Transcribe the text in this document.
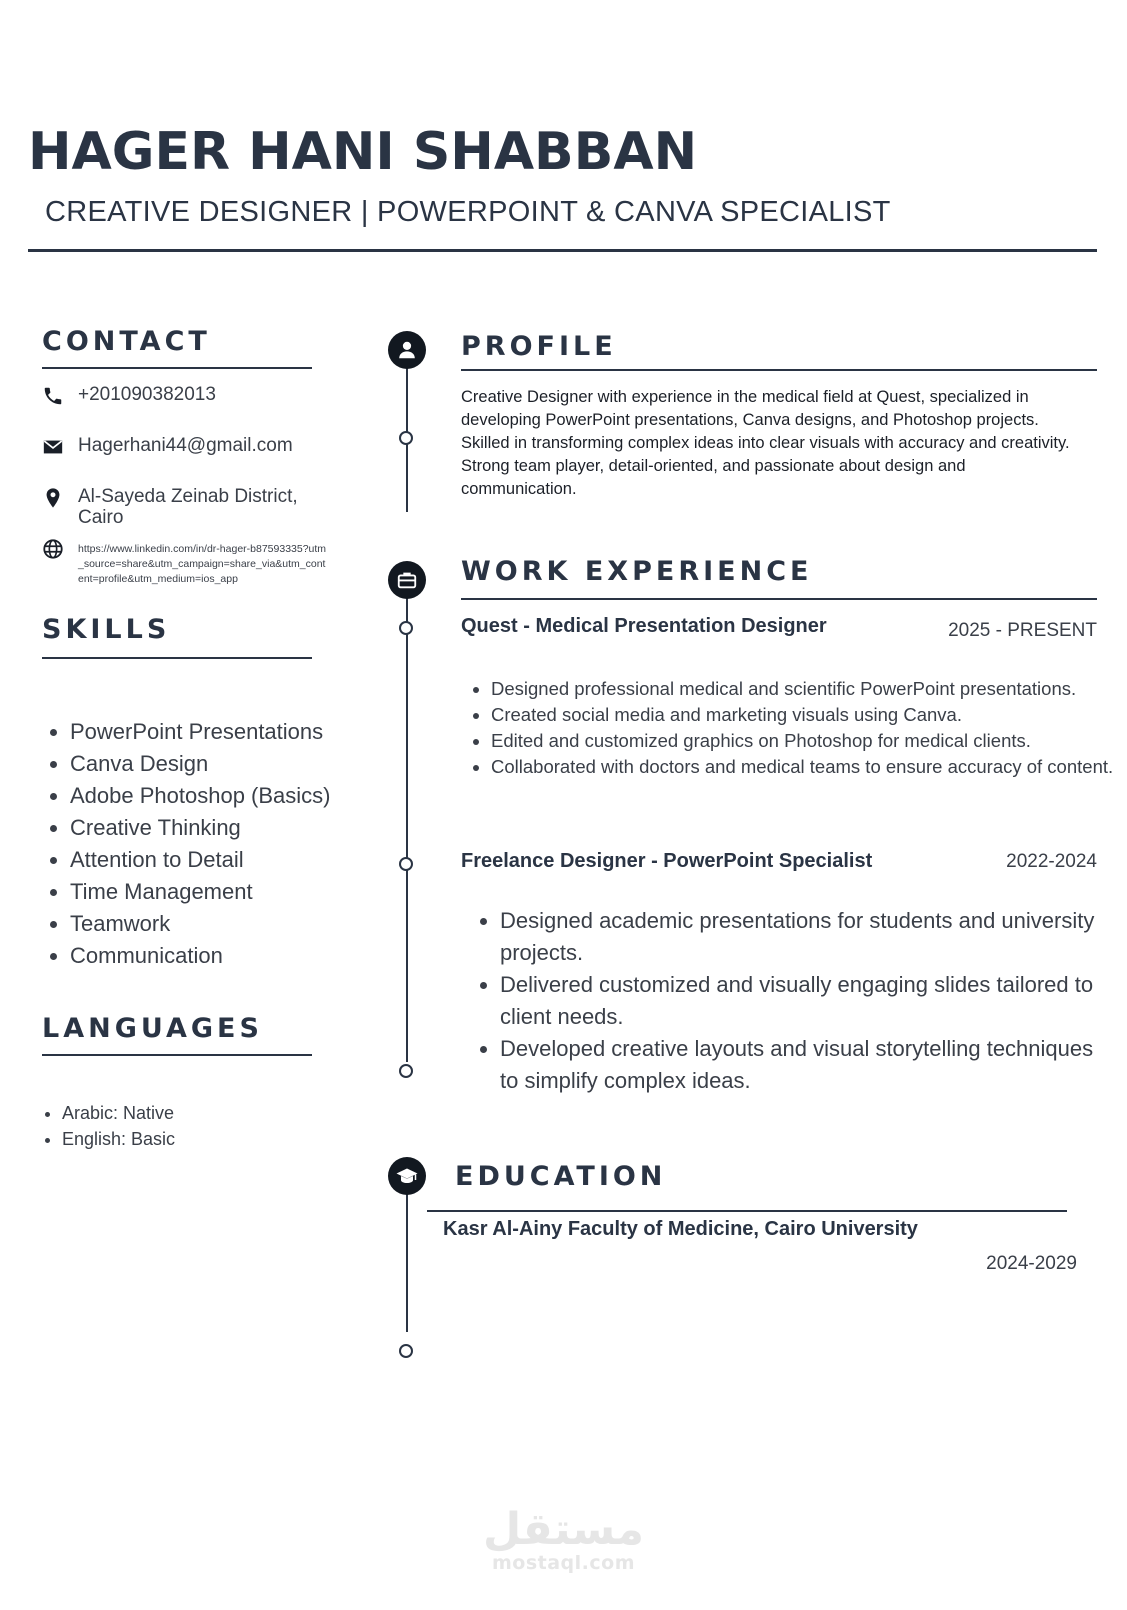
HAGER HANI SHABBAN
CREATIVE DESIGNER | POWERPOINT & CANVA SPECIALIST
CONTACT
+201090382013
Hagerhani44@gmail.com
Al-Sayeda Zeinab District, Cairo
https://www.linkedin.com/in/dr-hager-b87593335?utm_source=share&utm_campaign=share_via&utm_content=profile&utm_medium=ios_app
SKILLS
• PowerPoint Presentations
• Canva Design
• Adobe Photoshop (Basics)
• Creative Thinking
• Attention to Detail
• Time Management
• Teamwork
• Communication
LANGUAGES
• Arabic: Native
• English: Basic
PROFILE
Creative Designer with experience in the medical field at Quest, specialized in developing PowerPoint presentations, Canva designs, and Photoshop projects. Skilled in transforming complex ideas into clear visuals with accuracy and creativity. Strong team player, detail-oriented, and passionate about design and communication.
WORK EXPERIENCE
Quest - Medical Presentation Designer	2025 - PRESENT
• Designed professional medical and scientific PowerPoint presentations.
• Created social media and marketing visuals using Canva.
• Edited and customized graphics on Photoshop for medical clients.
• Collaborated with doctors and medical teams to ensure accuracy of content.
Freelance Designer - PowerPoint Specialist	2022-2024
• Designed academic presentations for students and university projects.
• Delivered customized and visually engaging slides tailored to client needs.
• Developed creative layouts and visual storytelling techniques to simplify complex ideas.
EDUCATION
Kasr Al-Ainy Faculty of Medicine, Cairo University
2024-2029
مستقل
mostaql.com
